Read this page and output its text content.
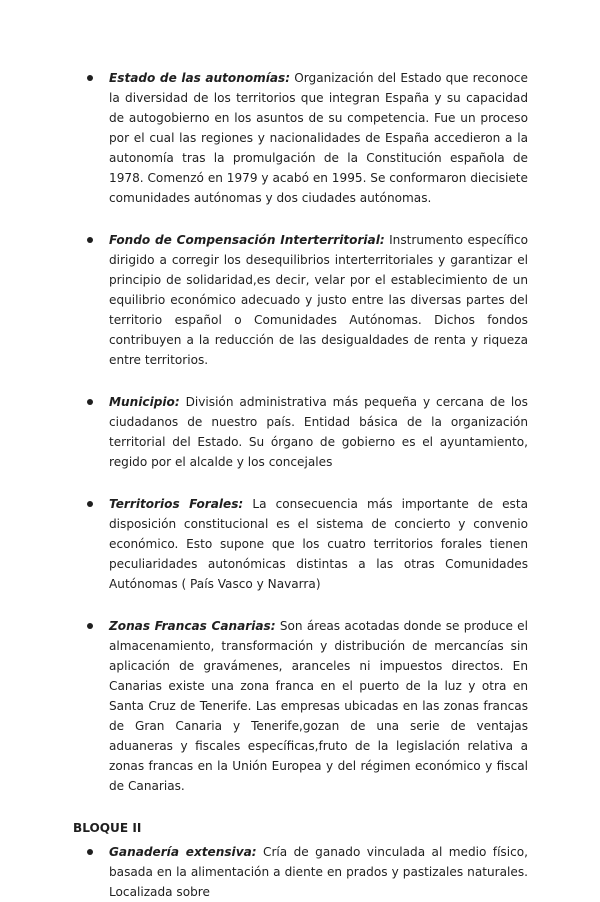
Estado de las autonomías: Organización del Estado que reconoce la diversidad de los territorios que integran España y su capacidad de autogobierno en los asuntos de su competencia. Fue un proceso por el cual las regiones y nacionalidades de España accedieron a la autonomía tras la promulgación de la Constitución española de 1978. Comenzó en 1979 y acabó en 1995. Se conformaron diecisiete comunidades autónomas y dos ciudades autónomas.
Fondo de Compensación Interterritorial: Instrumento específico dirigido a corregir los desequilibrios interterritoriales y garantizar el principio de solidaridad,es decir, velar por el establecimiento de un equilibrio económico adecuado y justo entre las diversas partes del territorio español o Comunidades Autónomas. Dichos fondos contribuyen a la reducción de las desigualdades de renta y riqueza entre territorios.
Municipio: División administrativa más pequeña y cercana de los ciudadanos de nuestro país. Entidad básica de la organización territorial del Estado. Su órgano de gobierno es el ayuntamiento, regido por el alcalde y los concejales
Territorios Forales: La consecuencia más importante de esta disposición constitucional es el sistema de concierto y convenio económico. Esto supone que los cuatro territorios forales tienen peculiaridades autonómicas distintas a las otras Comunidades Autónomas ( País Vasco y Navarra)
Zonas Francas Canarias: Son áreas acotadas donde se produce el almacenamiento, transformación y distribución de mercancías sin aplicación de gravámenes, aranceles ni impuestos directos. En Canarias existe una zona franca en el puerto de la luz y otra en Santa Cruz de Tenerife. Las empresas ubicadas en las zonas francas de Gran Canaria y Tenerife,gozan de una serie de ventajas aduaneras y fiscales específicas,fruto de la legislación relativa a zonas francas en la Unión Europea y del régimen económico y fiscal de Canarias.
BLOQUE II
Ganadería extensiva: Cría de ganado vinculada al medio físico, basada en la alimentación a diente en prados y pastizales naturales. Localizada sobre
